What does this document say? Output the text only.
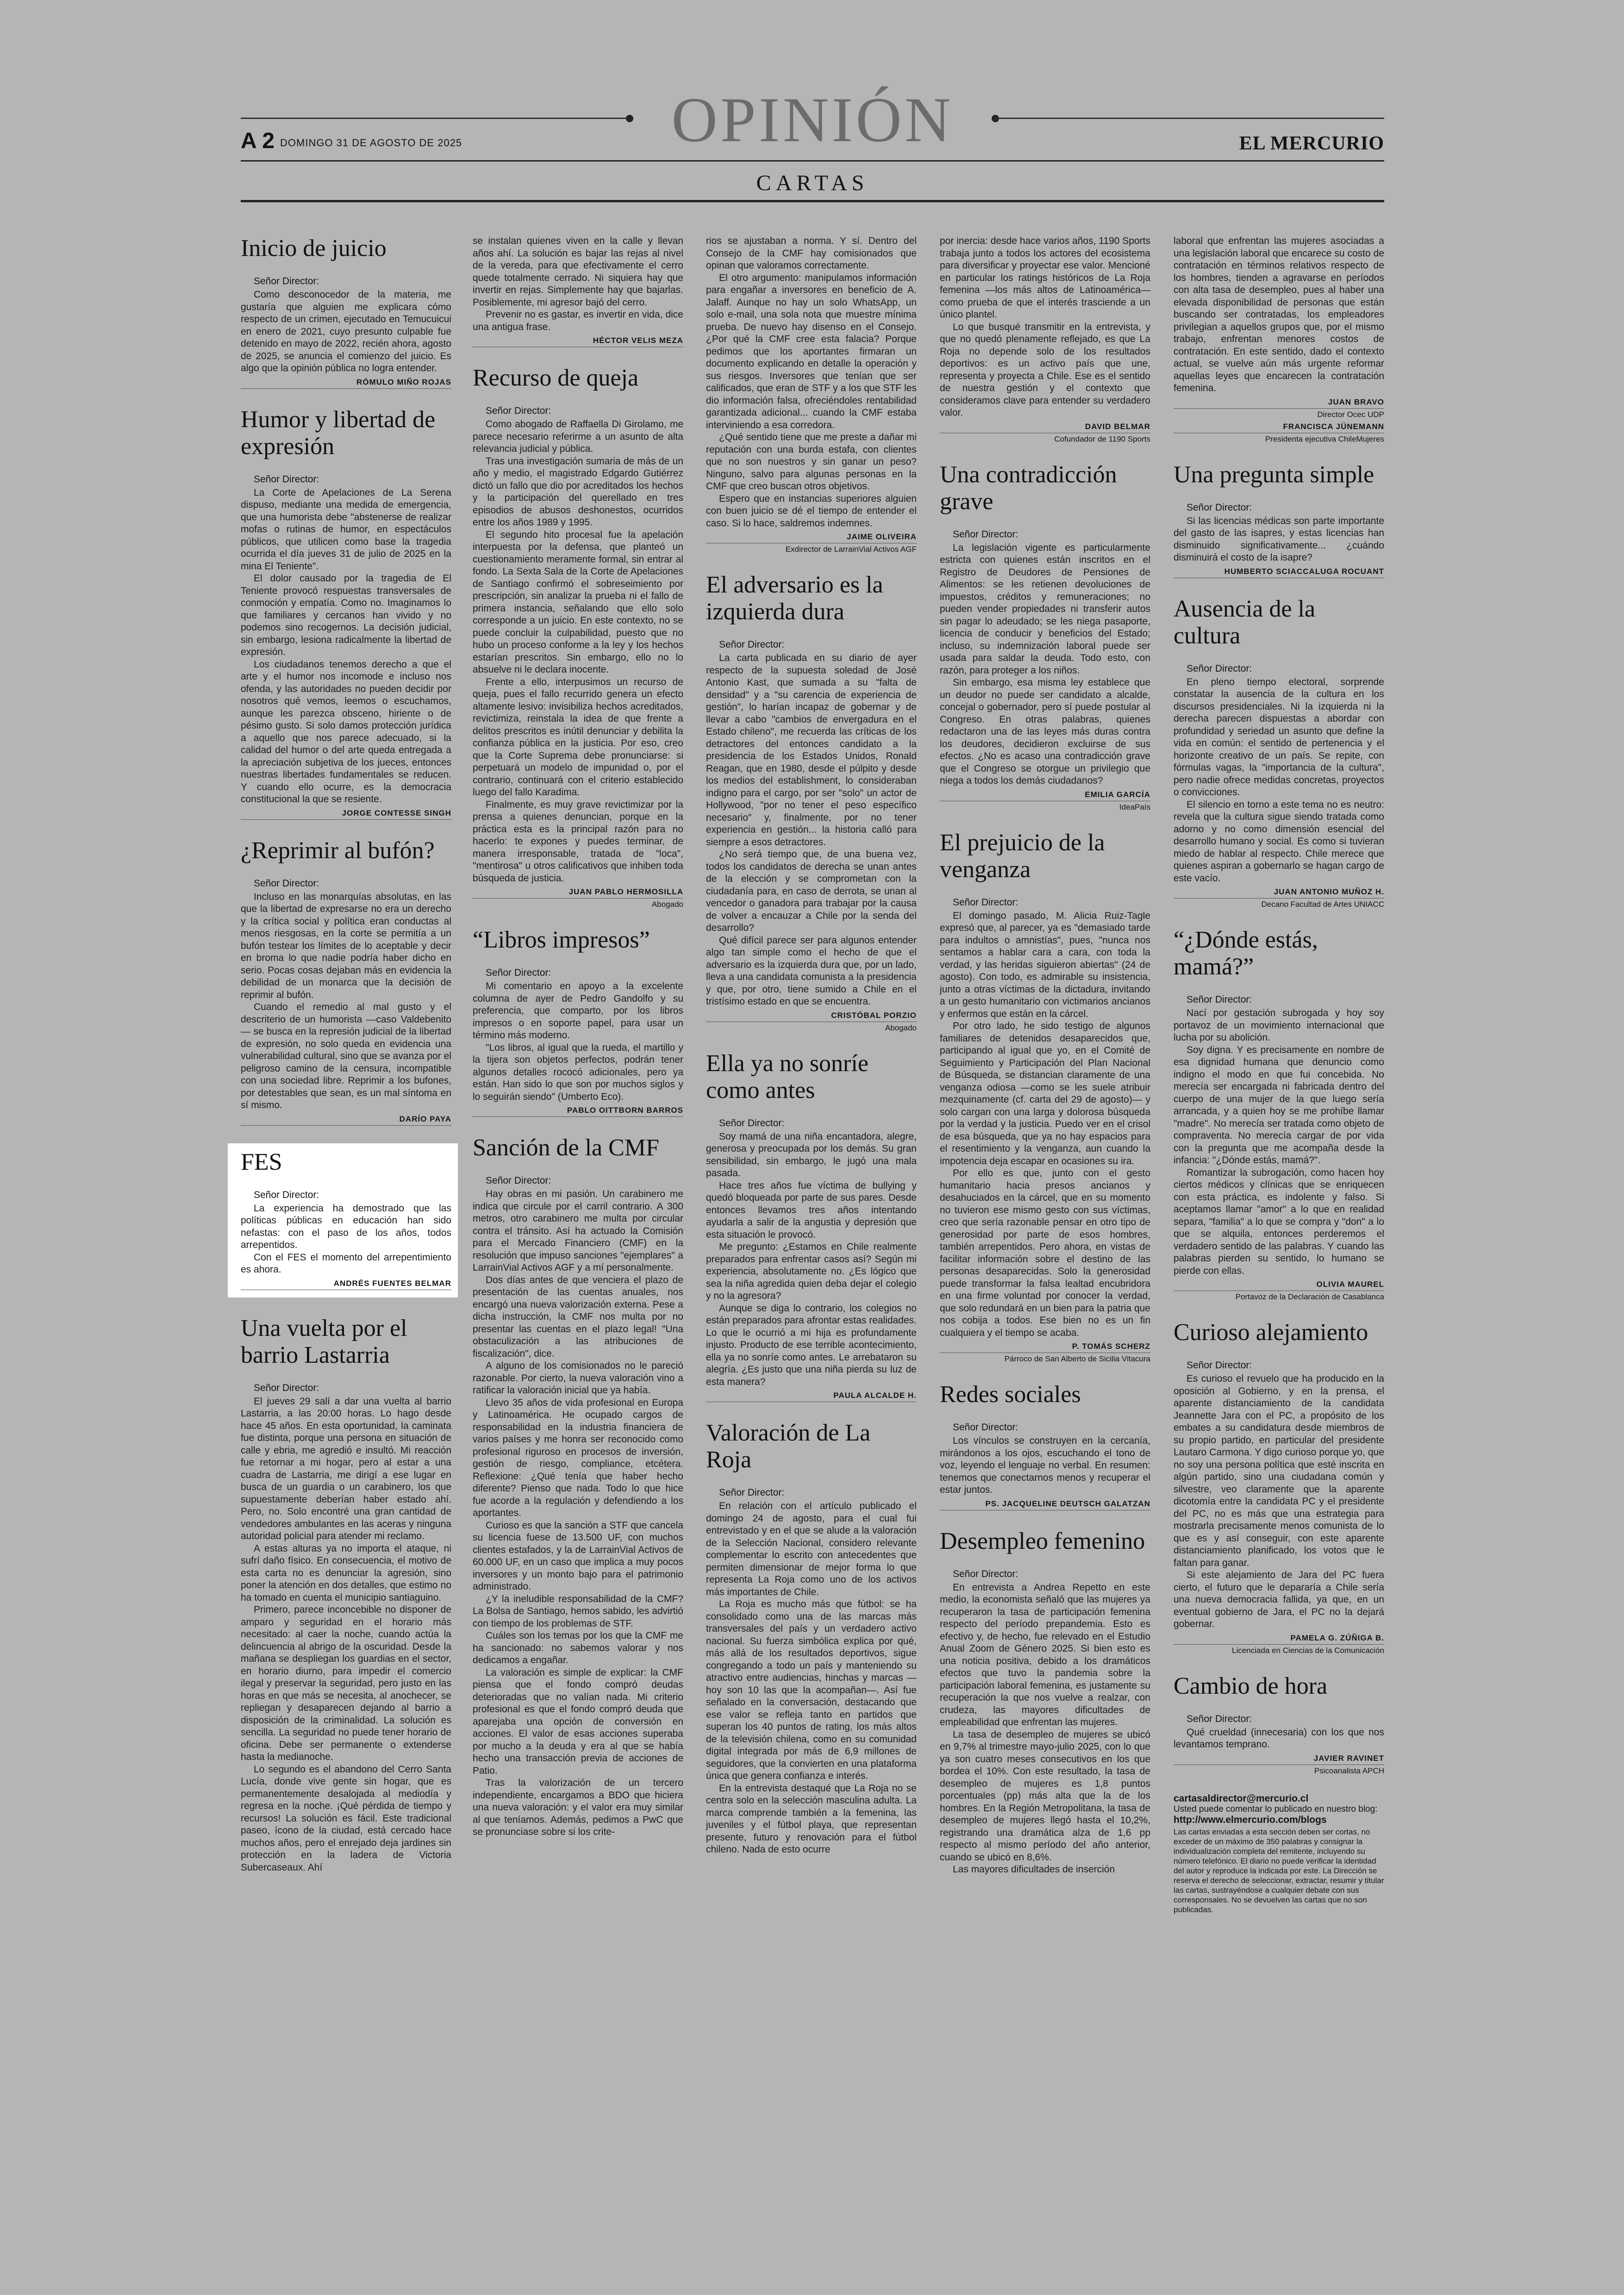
OPINIÓN
A 2 DOMINGO 31 DE AGOSTO DE 2025	EL MERCURIO
CARTAS
Inicio de juicio
Señor Director:

Como desconocedor de la materia, me gustaría que alguien me explicara cómo respecto de un crimen, ejecutado en Temucuicui en enero de 2021, cuyo presunto culpable fue detenido en mayo de 2022, recién ahora, agosto de 2025, se anuncia el comienzo del juicio. Es algo que la opinión pública no logra entender.

RÓMULO MIÑO ROJAS
Humor y libertad de expresión
Señor Director:

La Corte de Apelaciones de La Serena dispuso, mediante una medida de emergencia, que una humorista debe "abstenerse de realizar mofas o rutinas de humor, en espectáculos públicos, que utilicen como base la tragedia ocurrida el día jueves 31 de julio de 2025 en la mina El Teniente".

El dolor causado por la tragedia de El Teniente provocó respuestas transversales de conmoción y empatía. Como no. Imaginamos lo que familiares y cercanos han vivido y no podemos sino recogernos. La decisión judicial, sin embargo, lesiona radicalmente la libertad de expresión.

Los ciudadanos tenemos derecho a que el arte y el humor nos incomode e incluso nos ofenda, y las autoridades no pueden decidir por nosotros qué vemos, leemos o escuchamos, aunque les parezca obsceno, hiriente o de pésimo gusto. Si solo damos protección jurídica a aquello que nos parece adecuado, si la calidad del humor o del arte queda entregada a la apreciación subjetiva de los jueces, entonces nuestras libertades fundamentales se reducen. Y cuando ello ocurre, es la democracia constitucional la que se resiente.

JORGE CONTESSE SINGH
¿Reprimir al bufón?
Señor Director:

Incluso en las monarquías absolutas, en las que la libertad de expresarse no era un derecho y la crítica social y política eran conductas al menos riesgosas, en la corte se permitía a un bufón testear los límites de lo aceptable y decir en broma lo que nadie podría haber dicho en serio. Pocas cosas dejaban más en evidencia la debilidad de un monarca que la decisión de reprimir al bufón.

Cuando el remedio al mal gusto y el descriterio de un humorista —caso Valdebenito— se busca en la represión judicial de la libertad de expresión, no solo queda en evidencia una vulnerabilidad cultural, sino que se avanza por el peligroso camino de la censura, incompatible con una sociedad libre. Reprimir a los bufones, por detestables que sean, es un mal síntoma en sí mismo.

DARÍO PAYA
FES
Señor Director:

La experiencia ha demostrado que las políticas públicas en educación han sido nefastas: con el paso de los años, todos arrepentidos.

Con el FES el momento del arrepentimiento es ahora.

ANDRÉS FUENTES BELMAR
Una vuelta por el barrio Lastarria
Señor Director:

El jueves 29 salí a dar una vuelta al barrio Lastarria, a las 20:00 horas. Lo hago desde hace 45 años. En esta oportunidad, la caminata fue distinta, porque una persona en situación de calle y ebria, me agredió e insultó. Mi reacción fue retornar a mi hogar, pero al estar a una cuadra de Lastarria, me dirigí a ese lugar en busca de un guardia o un carabinero, los que supuestamente deberían haber estado ahí. Pero, no. Solo encontré una gran cantidad de vendedores ambulantes en las aceras y ninguna autoridad policial para atender mi reclamo.

A estas alturas ya no importa el ataque, ni sufrí daño físico. En consecuencia, el motivo de esta carta no es denunciar la agresión, sino poner la atención en dos detalles, que estimo no ha tomado en cuenta el municipio santiaguino.

Primero, parece inconcebible no disponer de amparo y seguridad en el horario más necesitado: al caer la noche, cuando actúa la delincuencia al abrigo de la oscuridad. Desde la mañana se despliegan los guardias en el sector, en horario diurno, para impedir el comercio ilegal y preservar la seguridad, pero justo en las horas en que más se necesita, al anochecer, se repliegan y desaparecen dejando al barrio a disposición de la criminalidad. La solución es sencilla. La seguridad no puede tener horario de oficina. Debe ser permanente o extenderse hasta la medianoche.

Lo segundo es el abandono del Cerro Santa Lucía, donde vive gente sin hogar, que es permanentemente desalojada al mediodía y regresa en la noche. ¡Qué pérdida de tiempo y recursos! La solución es fácil. Este tradicional paseo, ícono de la ciudad, está cercado hace muchos años, pero el enrejado deja jardines sin protección en la ladera de Victoria Subercaseaux. Ahí

se instalan quienes viven en la calle y llevan años ahí. La solución es bajar las rejas al nivel de la vereda, para que efectivamente el cerro quede totalmente cerrado. Ni siquiera hay que invertir en rejas. Simplemente hay que bajarlas. Posiblemente, mi agresor bajó del cerro.

Prevenir no es gastar, es invertir en vida, dice una antigua frase.

HÉCTOR VELIS MEZA
Recurso de queja
Señor Director:

Como abogado de Raffaella Di Girolamo, me parece necesario referirme a un asunto de alta relevancia judicial y pública.

Tras una investigación sumaria de más de un año y medio, el magistrado Edgardo Gutiérrez dictó un fallo que dio por acreditados los hechos y la participación del querellado en tres episodios de abusos deshonestos, ocurridos entre los años 1989 y 1995.

El segundo hito procesal fue la apelación interpuesta por la defensa, que planteó un cuestionamiento meramente formal, sin entrar al fondo. La Sexta Sala de la Corte de Apelaciones de Santiago confirmó el sobreseimiento por prescripción, sin analizar la prueba ni el fallo de primera instancia, señalando que ello solo corresponde a un juicio. En este contexto, no se puede concluir la culpabilidad, puesto que no hubo un proceso conforme a la ley y los hechos estarían prescritos. Sin embargo, ello no lo absuelve ni le declara inocente.

Frente a ello, interpusimos un recurso de queja, pues el fallo recurrido genera un efecto altamente lesivo: invisibiliza hechos acreditados, revictimiza, reinstala la idea de que frente a delitos prescritos es inútil denunciar y debilita la confianza pública en la justicia. Por eso, creo que la Corte Suprema debe pronunciarse: si perpetuará un modelo de impunidad o, por el contrario, continuará con el criterio establecido luego del fallo Karadima.

Finalmente, es muy grave revictimizar por la prensa a quienes denuncian, porque en la práctica esta es la principal razón para no hacerlo: te expones y puedes terminar, de manera irresponsable, tratada de "loca", "mentirosa" u otros calificativos que inhiben toda búsqueda de justicia.

JUAN PABLO HERMOSILLA
Abogado
“Libros impresos”
Señor Director:

Mi comentario en apoyo a la excelente columna de ayer de Pedro Gandolfo y su preferencia, que comparto, por los libros impresos o en soporte papel, para usar un término más moderno.

"Los libros, al igual que la rueda, el martillo y la tijera son objetos perfectos, podrán tener algunos detalles rococó adicionales, pero ya están. Han sido lo que son por muchos siglos y lo seguirán siendo" (Umberto Eco).

PABLO OITTBORN BARROS
Sanción de la CMF
Señor Director:

Hay obras en mi pasión. Un carabinero me indica que circule por el carril contrario. A 300 metros, otro carabinero me multa por circular contra el tránsito. Así ha actuado la Comisión para el Mercado Financiero (CMF) en la resolución que impuso sanciones "ejemplares" a LarrainVial Activos AGF y a mí personalmente.

Dos días antes de que venciera el plazo de presentación de las cuentas anuales, nos encargó una nueva valorización externa. Pese a dicha instrucción, la CMF nos multa por no presentar las cuentas en el plazo legal! "Una obstaculización a las atribuciones de fiscalización", dice.

A alguno de los comisionados no le pareció razonable. Por cierto, la nueva valoración vino a ratificar la valoración inicial que ya había.

Llevo 35 años de vida profesional en Europa y Latinoamérica. He ocupado cargos de responsabilidad en la industria financiera de varios países y me honra ser reconocido como profesional riguroso en procesos de inversión, gestión de riesgo, compliance, etcétera. Reflexione: ¿Qué tenía que haber hecho diferente? Pienso que nada. Todo lo que hice fue acorde a la regulación y defendiendo a los aportantes.

Curioso es que la sanción a STF que cancela su licencia fuese de 13.500 UF, con muchos clientes estafados, y la de LarrainVial Activos de 60.000 UF, en un caso que implica a muy pocos inversores y un monto bajo para el patrimonio administrado.

¿Y la ineludible responsabilidad de la CMF? La Bolsa de Santiago, hemos sabido, les advirtió con tiempo de los problemas de STF.

Cuáles son los temas por los que la CMF me ha sancionado: no sabemos valorar y nos dedicamos a engañar.

La valoración es simple de explicar: la CMF piensa que el fondo compró deudas deterioradas que no valían nada. Mi criterio profesional es que el fondo compró deuda que aparejaba una opción de conversión en acciones. El valor de esas acciones superaba por mucho a la deuda y era al que se había hecho una transacción previa de acciones de Patio.

Tras la valorización de un tercero independiente, encargamos a BDO que hiciera una nueva valoración: y el valor era muy similar al que teníamos. Además, pedimos a PwC que se pronunciase sobre si los crite-

rios se ajustaban a norma. Y sí. Dentro del Consejo de la CMF hay comisionados que opinan que valoramos correctamente.

El otro argumento: manipulamos información para engañar a inversores en beneficio de A. Jalaff. Aunque no hay un solo WhatsApp, un solo e-mail, una sola nota que muestre mínima prueba. De nuevo hay disenso en el Consejo. ¿Por qué la CMF cree esta falacia? Porque pedimos que los aportantes firmaran un documento explicando en detalle la operación y sus riesgos. Inversores que tenían que ser calificados, que eran de STF y a los que STF les dio información falsa, ofreciéndoles rentabilidad garantizada adicional... cuando la CMF estaba interviniendo a esa corredora.

¿Qué sentido tiene que me preste a dañar mi reputación con una burda estafa, con clientes que no son nuestros y sin ganar un peso? Ninguno, salvo para algunas personas en la CMF que creo buscan otros objetivos.

Espero que en instancias superiores alguien con buen juicio se dé el tiempo de entender el caso. Si lo hace, saldremos indemnes.

JAIME OLIVEIRA
Exdirector de LarrainVial Activos AGF
El adversario es la izquierda dura
Señor Director:

La carta publicada en su diario de ayer respecto de la supuesta soledad de José Antonio Kast, que sumada a su "falta de densidad" y a "su carencia de experiencia de gestión", lo harían incapaz de gobernar y de llevar a cabo "cambios de envergadura en el Estado chileno", me recuerda las críticas de los detractores del entonces candidato a la presidencia de los Estados Unidos, Ronald Reagan, que en 1980, desde el púlpito y desde los medios del establishment, lo consideraban indigno para el cargo, por ser "solo" un actor de Hollywood, "por no tener el peso específico necesario" y, finalmente, por no tener experiencia en gestión... la historia calló para siempre a esos detractores.

¿No será tiempo que, de una buena vez, todos los candidatos de derecha se unan antes de la elección y se comprometan con la ciudadanía para, en caso de derrota, se unan al vencedor o ganadora para trabajar por la causa de volver a encauzar a Chile por la senda del desarrollo?

Qué difícil parece ser para algunos entender algo tan simple como el hecho de que el adversario es la izquierda dura que, por un lado, lleva a una candidata comunista a la presidencia y que, por otro, tiene sumido a Chile en el tristísimo estado en que se encuentra.

CRISTÓBAL PORZIO
Abogado
Ella ya no sonríe como antes
Señor Director:

Soy mamá de una niña encantadora, alegre, generosa y preocupada por los demás. Su gran sensibilidad, sin embargo, le jugó una mala pasada.

Hace tres años fue víctima de bullying y quedó bloqueada por parte de sus pares. Desde entonces llevamos tres años intentando ayudarla a salir de la angustia y depresión que esta situación le provocó.

Me pregunto: ¿Estamos en Chile realmente preparados para enfrentar casos así? Según mi experiencia, absolutamente no. ¿Es lógico que sea la niña agredida quien deba dejar el colegio y no la agresora?

Aunque se diga lo contrario, los colegios no están preparados para afrontar estas realidades. Lo que le ocurrió a mi hija es profundamente injusto. Producto de ese terrible acontecimiento, ella ya no sonríe como antes. Le arrebataron su alegría. ¿Es justo que una niña pierda su luz de esta manera?

PAULA ALCALDE H.
Valoración de La Roja
Señor Director:

En relación con el artículo publicado el domingo 24 de agosto, para el cual fui entrevistado y en el que se alude a la valoración de la Selección Nacional, considero relevante complementar lo escrito con antecedentes que permiten dimensionar de mejor forma lo que representa La Roja como uno de los activos más importantes de Chile.

La Roja es mucho más que fútbol: se ha consolidado como una de las marcas más transversales del país y un verdadero activo nacional. Su fuerza simbólica explica por qué, más allá de los resultados deportivos, sigue congregando a todo un país y manteniendo su atractivo entre audiencias, hinchas y marcas —hoy son 10 las que la acompañan—. Así fue señalado en la conversación, destacando que ese valor se refleja tanto en partidos que superan los 40 puntos de rating, los más altos de la televisión chilena, como en su comunidad digital integrada por más de 6,9 millones de seguidores, que la convierten en una plataforma única que genera confianza e interés.

En la entrevista destaqué que La Roja no se centra solo en la selección masculina adulta. La marca comprende también a la femenina, las juveniles y el fútbol playa, que representan presente, futuro y renovación para el fútbol chileno. Nada de esto ocurre

por inercia: desde hace varios años, 1190 Sports trabaja junto a todos los actores del ecosistema para diversificar y proyectar ese valor. Mencioné en particular los ratings históricos de La Roja femenina —los más altos de Latinoamérica— como prueba de que el interés trasciende a un único plantel.

Lo que busqué transmitir en la entrevista, y que no quedó plenamente reflejado, es que La Roja no depende solo de los resultados deportivos: es un activo país que une, representa y proyecta a Chile. Ese es el sentido de nuestra gestión y el contexto que consideramos clave para entender su verdadero valor.

DAVID BELMAR
Cofundador de 1190 Sports
Una contradicción grave
Señor Director:

La legislación vigente es particularmente estricta con quienes están inscritos en el Registro de Deudores de Pensiones de Alimentos: se les retienen devoluciones de impuestos, créditos y remuneraciones; no pueden vender propiedades ni transferir autos sin pagar lo adeudado; se les niega pasaporte, licencia de conducir y beneficios del Estado; incluso, su indemnización laboral puede ser usada para saldar la deuda. Todo esto, con razón, para proteger a los niños.

Sin embargo, esa misma ley establece que un deudor no puede ser candidato a alcalde, concejal o gobernador, pero sí puede postular al Congreso. En otras palabras, quienes redactaron una de las leyes más duras contra los deudores, decidieron excluirse de sus efectos. ¿No es acaso una contradicción grave que el Congreso se otorgue un privilegio que niega a todos los demás ciudadanos?

EMILIA GARCÍA
IdeaPaís
El prejuicio de la venganza
Señor Director:

El domingo pasado, M. Alicia Ruiz-Tagle expresó que, al parecer, ya es "demasiado tarde para indultos o amnistías", pues, "nunca nos sentamos a hablar cara a cara, con toda la verdad, y las heridas siguieron abiertas" (24 de agosto). Con todo, es admirable su insistencia, junto a otras víctimas de la dictadura, invitando a un gesto humanitario con victimarios ancianos y enfermos que están en la cárcel.

Por otro lado, he sido testigo de algunos familiares de detenidos desaparecidos que, participando al igual que yo, en el Comité de Seguimiento y Participación del Plan Nacional de Búsqueda, se distancian claramente de una venganza odiosa —como se les suele atribuir mezquinamente (cf. carta del 29 de agosto)— y solo cargan con una larga y dolorosa búsqueda por la verdad y la justicia. Puedo ver en el crisol de esa búsqueda, que ya no hay espacios para el resentimiento y la venganza, aun cuando la impotencia deja escapar en ocasiones su ira.

Por ello es que, junto con el gesto humanitario hacia presos ancianos y desahuciados en la cárcel, que en su momento no tuvieron ese mismo gesto con sus víctimas, creo que sería razonable pensar en otro tipo de generosidad por parte de esos hombres, también arrepentidos. Pero ahora, en vistas de facilitar información sobre el destino de las personas desaparecidas. Solo la generosidad puede transformar la falsa lealtad encubridora en una firme voluntad por conocer la verdad, que solo redundará en un bien para la patria que nos cobija a todos. Ese bien no es un fin cualquiera y el tiempo se acaba.

P. TOMÁS SCHERZ
Párroco de San Alberto de Sicilia Vitacura
Redes sociales
Señor Director:

Los vínculos se construyen en la cercanía, mirándonos a los ojos, escuchando el tono de voz, leyendo el lenguaje no verbal. En resumen: tenemos que conectarnos menos y recuperar el estar juntos.

PS. JACQUELINE DEUTSCH GALATZAN
Desempleo femenino
Señor Director:

En entrevista a Andrea Repetto en este medio, la economista señaló que las mujeres ya recuperaron la tasa de participación femenina respecto del período prepandemia. Esto es efectivo y, de hecho, fue relevado en el Estudio Anual Zoom de Género 2025. Si bien esto es una noticia positiva, debido a los dramáticos efectos que tuvo la pandemia sobre la participación laboral femenina, es justamente su recuperación la que nos vuelve a realzar, con crudeza, las mayores dificultades de empleabilidad que enfrentan las mujeres.

La tasa de desempleo de mujeres se ubicó en 9,7% al trimestre mayo-julio 2025, con lo que ya son cuatro meses consecutivos en los que bordea el 10%. Con este resultado, la tasa de desempleo de mujeres es 1,8 puntos porcentuales (pp) más alta que la de los hombres. En la Región Metropolitana, la tasa de desempleo de mujeres llegó hasta el 10,2%, registrando una dramática alza de 1,6 pp respecto al mismo período del año anterior, cuando se ubicó en 8,6%.

Las mayores dificultades de inserción

laboral que enfrentan las mujeres asociadas a una legislación laboral que encarece su costo de contratación en términos relativos respecto de los hombres, tienden a agravarse en períodos con alta tasa de desempleo, pues al haber una elevada disponibilidad de personas que están buscando ser contratadas, los empleadores privilegian a aquellos grupos que, por el mismo trabajo, enfrentan menores costos de contratación. En este sentido, dado el contexto actual, se vuelve aún más urgente reformar aquellas leyes que encarecen la contratación femenina.

JUAN BRAVO
Director Ocec UDP
FRANCISCA JÜNEMANN
Presidenta ejecutiva ChileMujeres
Una pregunta simple
Señor Director:

Si las licencias médicas son parte importante del gasto de las isapres, y estas licencias han disminuido significativamente... ¿cuándo disminuirá el costo de la isapre?

HUMBERTO SCIACCALUGA ROCUANT
Ausencia de la cultura
Señor Director:

En pleno tiempo electoral, sorprende constatar la ausencia de la cultura en los discursos presidenciales. Ni la izquierda ni la derecha parecen dispuestas a abordar con profundidad y seriedad un asunto que define la vida en común: el sentido de pertenencia y el horizonte creativo de un país. Se repite, con fórmulas vagas, la "importancia de la cultura", pero nadie ofrece medidas concretas, proyectos o convicciones.

El silencio en torno a este tema no es neutro: revela que la cultura sigue siendo tratada como adorno y no como dimensión esencial del desarrollo humano y social. Es como si tuvieran miedo de hablar al respecto. Chile merece que quienes aspiran a gobernarlo se hagan cargo de este vacío.

JUAN ANTONIO MUÑOZ H.
Decano Facultad de Artes UNIACC
“¿Dónde estás, mamá?”
Señor Director:

Nací por gestación subrogada y hoy soy portavoz de un movimiento internacional que lucha por su abolición.

Soy digna. Y es precisamente en nombre de esa dignidad humana que denuncio como indigno el modo en que fui concebida. No merecía ser encargada ni fabricada dentro del cuerpo de una mujer de la que luego sería arrancada, y a quien hoy se me prohíbe llamar "madre". No merecía ser tratada como objeto de compraventa. No merecía cargar de por vida con la pregunta que me acompaña desde la infancia: "¿Dónde estás, mamá?".

Romantizar la subrogación, como hacen hoy ciertos médicos y clínicas que se enriquecen con esta práctica, es indolente y falso. Si aceptamos llamar "amor" a lo que en realidad separa, "familia" a lo que se compra y "don" a lo que se alquila, entonces perderemos el verdadero sentido de las palabras. Y cuando las palabras pierden su sentido, lo humano se pierde con ellas.

OLIVIA MAUREL
Portavoz de la Declaración de Casablanca
Curioso alejamiento
Señor Director:

Es curioso el revuelo que ha producido en la oposición al Gobierno, y en la prensa, el aparente distanciamiento de la candidata Jeannette Jara con el PC, a propósito de los embates a su candidatura desde miembros de su propio partido, en particular del presidente Lautaro Carmona. Y digo curioso porque yo, que no soy una persona política que esté inscrita en algún partido, sino una ciudadana común y silvestre, veo claramente que la aparente dicotomía entre la candidata PC y el presidente del PC, no es más que una estrategia para mostrarla precisamente menos comunista de lo que es y así conseguir, con este aparente distanciamiento planificado, los votos que le faltan para ganar.

Si este alejamiento de Jara del PC fuera cierto, el futuro que le depararía a Chile sería una nueva democracia fallida, ya que, en un eventual gobierno de Jara, el PC no la dejará gobernar.

PAMELA G. ZÚÑIGA B.
Licenciada en Ciencias de la Comunicación
Cambio de hora
Señor Director:

Qué crueldad (innecesaria) con los que nos levantamos temprano.

JAVIER RAVINET
Psicoanalista APCH
cartasaldirector@mercurio.cl
Usted puede comentar lo publicado en nuestro blog:
http://www.elmercurio.com/blogs
Las cartas enviadas a esta sección deben ser cortas, no exceder de un máximo de 350 palabras y consignar la individualización completa del remitente, incluyendo su número telefónico. El diario no puede verificar la identidad del autor y reproduce la indicada por este. La Dirección se reserva el derecho de seleccionar, extractar, resumir y titular las cartas, sustrayéndose a cualquier debate con sus corresponsales. No se devuelven las cartas que no son publicadas.
